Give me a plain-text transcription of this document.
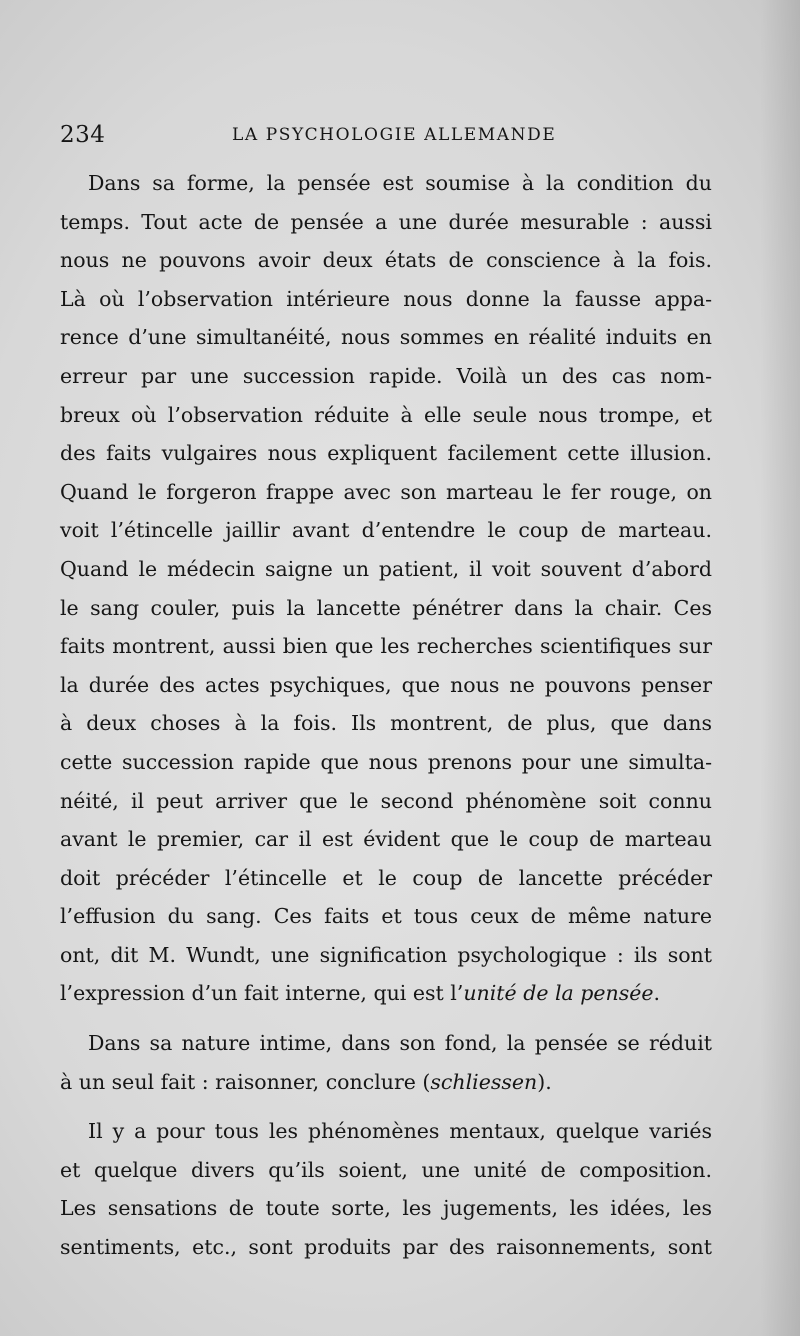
234	LA PSYCHOLOGIE ALLEMANDE
Dans sa forme, la pensée est soumise à la condition du
temps. Tout acte de pensée a une durée mesurable : aussi
nous ne pouvons avoir deux états de conscience à la fois.
Là où l’observation intérieure nous donne la fausse appa-
rence d’une simultanéité, nous sommes en réalité induits en
erreur par une succession rapide. Voilà un des cas nom-
breux où l’observation réduite à elle seule nous trompe, et
des faits vulgaires nous expliquent facilement cette illusion.
Quand le forgeron frappe avec son marteau le fer rouge, on
voit l’étincelle jaillir avant d’entendre le coup de marteau.
Quand le médecin saigne un patient, il voit souvent d’abord
le sang couler, puis la lancette pénétrer dans la chair. Ces
faits montrent, aussi bien que les recherches scientifiques sur
la durée des actes psychiques, que nous ne pouvons penser
à deux choses à la fois. Ils montrent, de plus, que dans
cette succession rapide que nous prenons pour une simulta-
néité, il peut arriver que le second phénomène soit connu
avant le premier, car il est évident que le coup de marteau
doit précéder l’étincelle et le coup de lancette précéder
l’effusion du sang. Ces faits et tous ceux de même nature
ont, dit M. Wundt, une signification psychologique : ils sont
l’expression d’un fait interne, qui est l’unité de la pensée.
Dans sa nature intime, dans son fond, la pensée se réduit
à un seul fait : raisonner, conclure (schliessen).
Il y a pour tous les phénomènes mentaux, quelque variés
et quelque divers qu’ils soient, une unité de composition.
Les sensations de toute sorte, les jugements, les idées, les
sentiments, etc., sont produits par des raisonnements, sont
